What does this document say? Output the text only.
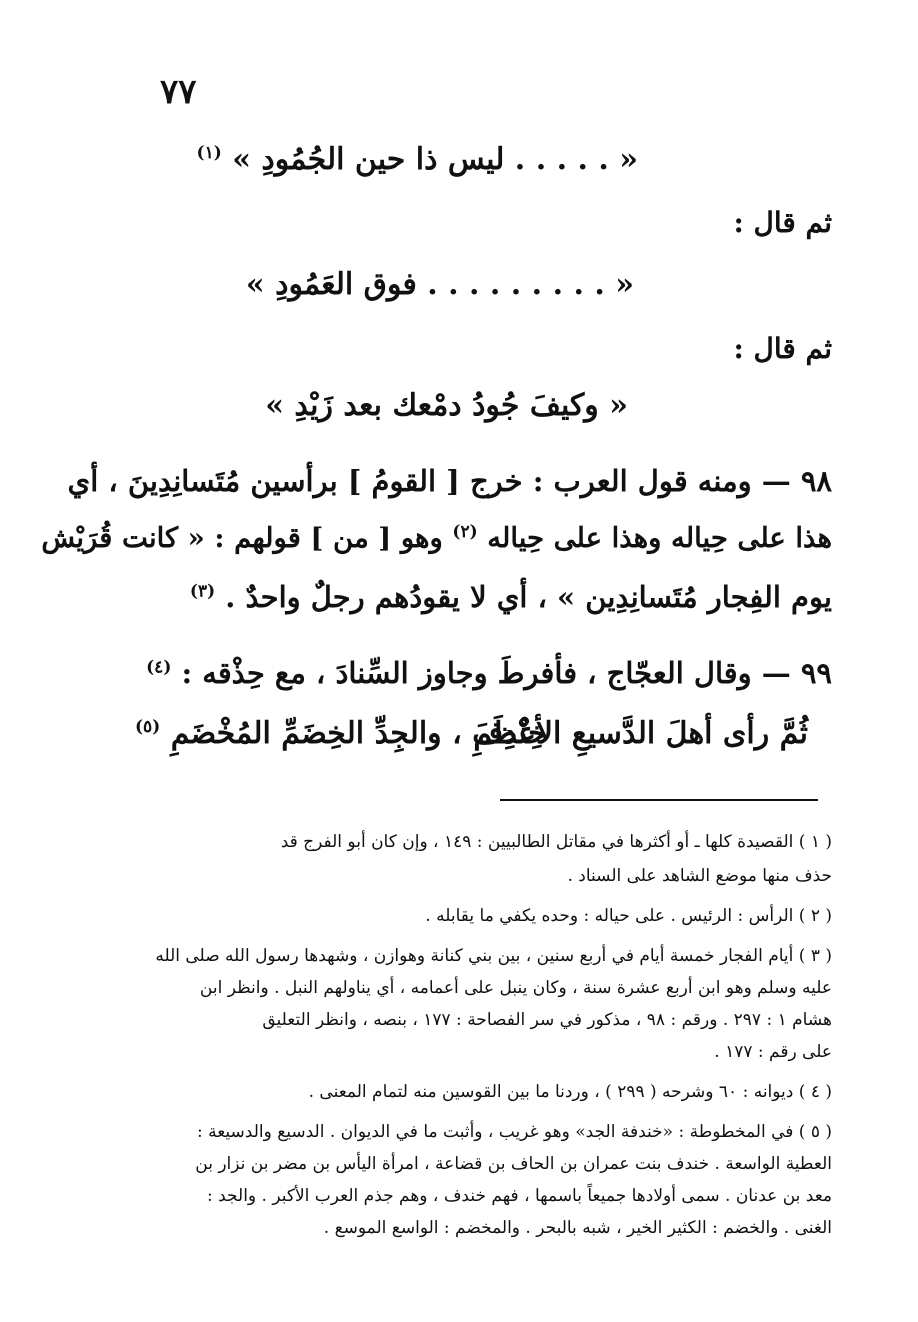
٧٧
« . . . . . لیس ذا حین الجُمُودِ » $^{(١)}$
ثم قال :
« . . . . . . . . . فوق العَمُودِ »
ثم قال :
« وكيفَ جُودُ دمْعك بعد زَيْدِ »
٩٨ — ومنه قول العرب : خرج [ القومُ ] برأسين مُتَسانِدِينَ ، أي
هذا على حِياله وهذا على حِياله $^{(٢)}$ وهو [ من ] قولهم : « كانت قُرَيْش
يوم الفِجار مُتَسانِدِين » ، أي لا يقودُهم رجلٌ واحدٌ . $^{(٣)}$
٩٩ — وقال العجّاج ، فأفرطَ وجاوز السِّنادَ ، مع حِذْقه : $^{(٤)}$
ثُمَّ رأى أهلَ الدَّسيعِ الأعْظَمِ
خِنْدِفَ ، والجِدِّ الخِضَمِّ المُخْضَمِ $^{(٥)}$
( ١ ) القصيدة كلها ـ أو أكثرها في مقاتل الطالبيين : ١٤٩ ، وإن كان أبو الفرج قد
حذف منها موضع الشاهد على السناد .
( ٢ ) الرأس : الرئيس . على حياله : وحده يكفي ما يقابله .
( ٣ ) أيام الفجار خمسة أيام في أربع سنين ، بين بني كنانة وهوازن ، وشهدها رسول الله صلى الله
عليه وسلم وهو ابن أربع عشرة سنة ، وكان ينبل على أعمامه ، أي يناولهم النبل . وانظر ابن
هشام ١ : ٢٩٧ . ورقم : ٩٨ ، مذكور في سر الفصاحة : ١٧٧ ، بنصه ، وانظر التعليق
على رقم : ١٧٧ .
( ٤ ) ديوانه : ٦٠ وشرحه ( ٢٩٩ ) ، وردنا ما بين القوسين منه لتمام المعنى .
( ٥ ) في المخطوطة : «خندفة الجد» وهو غريب ، وأثبت ما في الديوان . الدسيع والدسيعة :
العطية الواسعة . خندف بنت عمران بن الحاف بن قضاعة ، امرأة اليأس بن مضر بن نزار بن
معد بن عدنان . سمى أولادها جميعاً باسمها ، فهم خندف ، وهم جذم العرب الأكبر . والجد :
الغنى . والخضم : الكثير الخير ، شبه بالبحر . والمخضم : الواسع الموسع .
